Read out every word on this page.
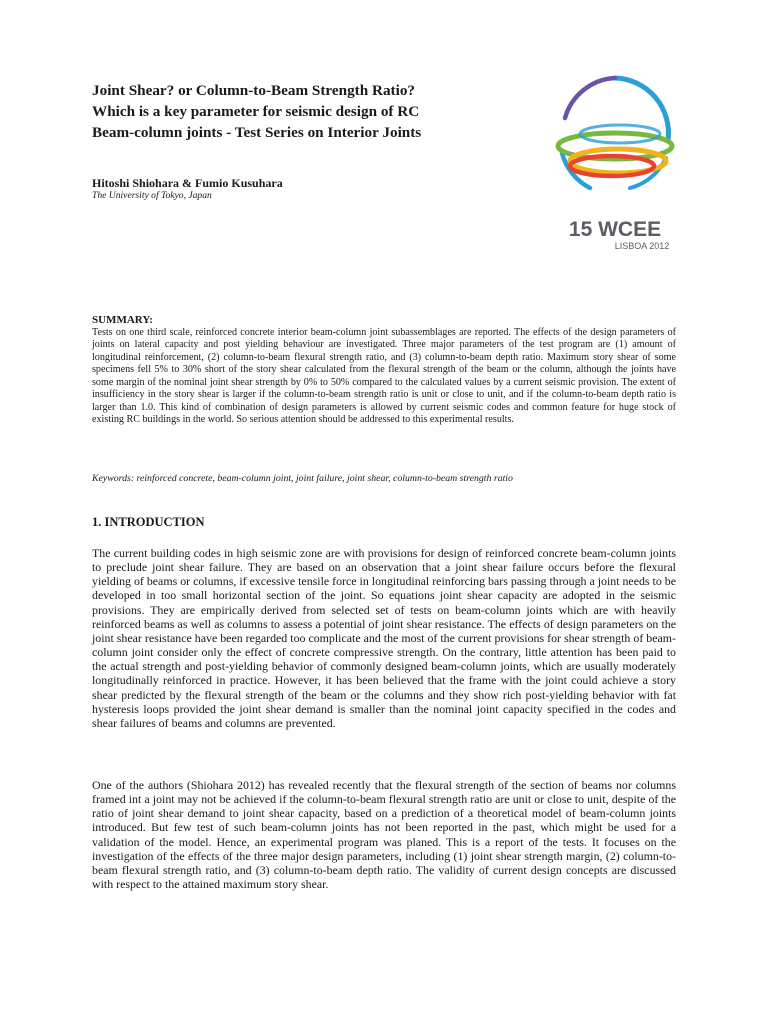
Joint Shear? or Column-to-Beam Strength Ratio?
Which is a key parameter for seismic design of RC
Beam-column joints - Test Series on Interior Joints
Hitoshi Shiohara & Fumio Kusuhara
The University of Tokyo, Japan
15 WCEE
LISBOA 2012
SUMMARY:
Tests on one third scale, reinforced concrete interior beam-column joint subassemblages are reported. The effects of the design parameters of joints on lateral capacity and post yielding behaviour are investigated. Three major parameters of the test program are (1) amount of longitudinal reinforcement, (2) column-to-beam flexural strength ratio, and (3) column-to-beam depth ratio. Maximum story shear of some specimens fell 5% to 30% short of the story shear calculated from the flexural strength of the beam or the column, although the joints have some margin of the nominal joint shear strength by 0% to 50% compared to the calculated values by a current seismic provision. The extent of insufficiency in the story shear is larger if the column-to-beam strength ratio is unit or close to unit, and if the column-to-beam depth ratio is larger than 1.0. This kind of combination of design parameters is allowed by current seismic codes and common feature for huge stock of existing RC buildings in the world. So serious attention should be addressed to this experimental results.
Keywords: reinforced concrete, beam-column joint, joint failure, joint shear, column-to-beam strength ratio
1. INTRODUCTION
The current building codes in high seismic zone are with provisions for design of reinforced concrete beam-column joints to preclude joint shear failure. They are based on an observation that a joint shear failure occurs before the flexural yielding of beams or columns, if excessive tensile force in longitudinal reinforcing bars passing through a joint needs to be developed in too small horizontal section of the joint. So equations joint shear capacity are adopted in the seismic provisions. They are empirically derived from selected set of tests on beam-column joints which are with heavily reinforced beams as well as columns to assess a potential of joint shear resistance. The effects of design parameters on the joint shear resistance have been regarded too complicate and the most of the current provisions for shear strength of beam-column joint consider only the effect of concrete compressive strength. On the contrary, little attention has been paid to the actual strength and post-yielding behavior of commonly designed beam-column joints, which are usually moderately longitudinally reinforced in practice. However, it has been believed that the frame with the joint could achieve a story shear predicted by the flexural strength of the beam or the columns and they show rich post-yielding behavior with fat hysteresis loops provided the joint shear demand is smaller than the nominal joint capacity specified in the codes and shear failures of beams and columns are prevented.
One of the authors (Shiohara 2012) has revealed recently that the flexural strength of the section of beams nor columns framed int a joint may not be achieved if the column-to-beam flexural strength ratio are unit or close to unit, despite of the ratio of joint shear demand to joint shear capacity, based on a prediction of a theoretical model of beam-column joints introduced. But few test of such beam-column joints has not been reported in the past, which might be used for a validation of the model. Hence, an experimental program was planed. This is a report of the tests. It focuses on the investigation of the effects of the three major design parameters, including (1) joint shear strength margin, (2) column-to-beam flexural strength ratio, and (3) column-to-beam depth ratio. The validity of current design concepts are discussed with respect to the attained maximum story shear.
